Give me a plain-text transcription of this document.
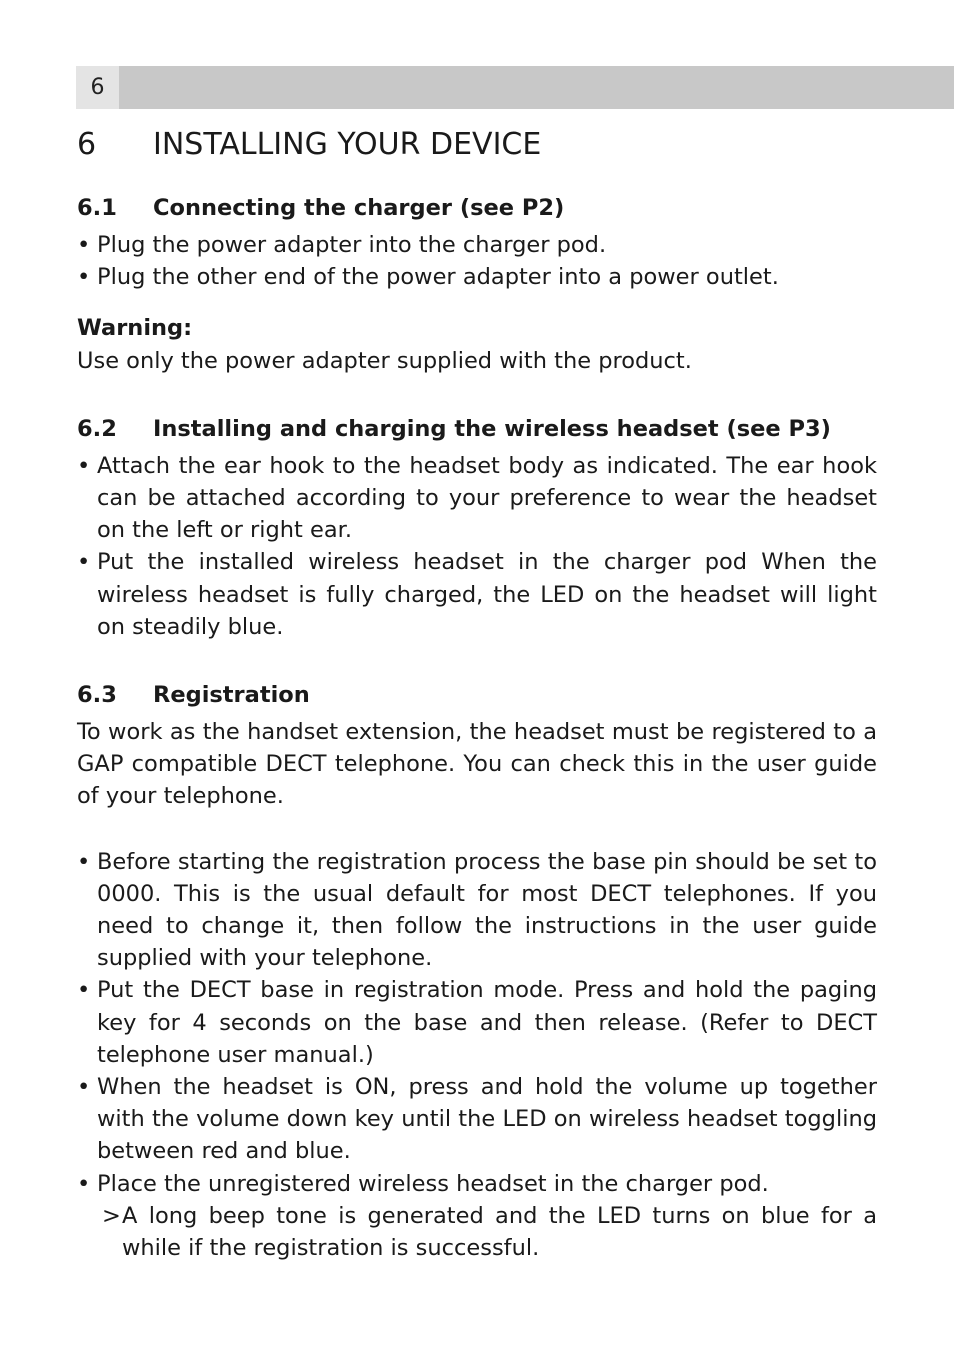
6
6	INSTALLING YOUR DEVICE
6.1	Connecting the charger (see P2)
• Plug the power adapter into the charger pod.
• Plug the other end of the power adapter into a power outlet.

Warning:

Use only the power adapter supplied with the product.

6.2	Installing and charging the wireless headset (see P3)
• Attach the ear hook to the headset body as indicated. The ear hook can be attached according to your preference to wear the headset on the left or right ear.
• Put the installed wireless headset in the charger pod When the wireless headset is fully charged, the LED on the headset will light on steadily blue.
6.3	Registration

To work as the handset extension, the headset must be registered to a GAP compatible DECT telephone. You can check this in the user guide of your telephone.

• Before starting the registration process the base pin should be set to 0000. This is the usual default for most DECT telephones. If you need to change it, then follow the instructions in the user guide supplied with your telephone.
• Put the DECT base in registration mode. Press and hold the paging key for 4 seconds on the base and then release. (Refer to DECT telephone user manual.)
• When the headset is ON, press and hold the volume up together with the volume down key until the LED on wireless headset toggling between red and blue.
• Place the unregistered wireless headset in the charger pod.
> A long beep tone is generated and the LED turns on blue for a while if the registration is successful.
